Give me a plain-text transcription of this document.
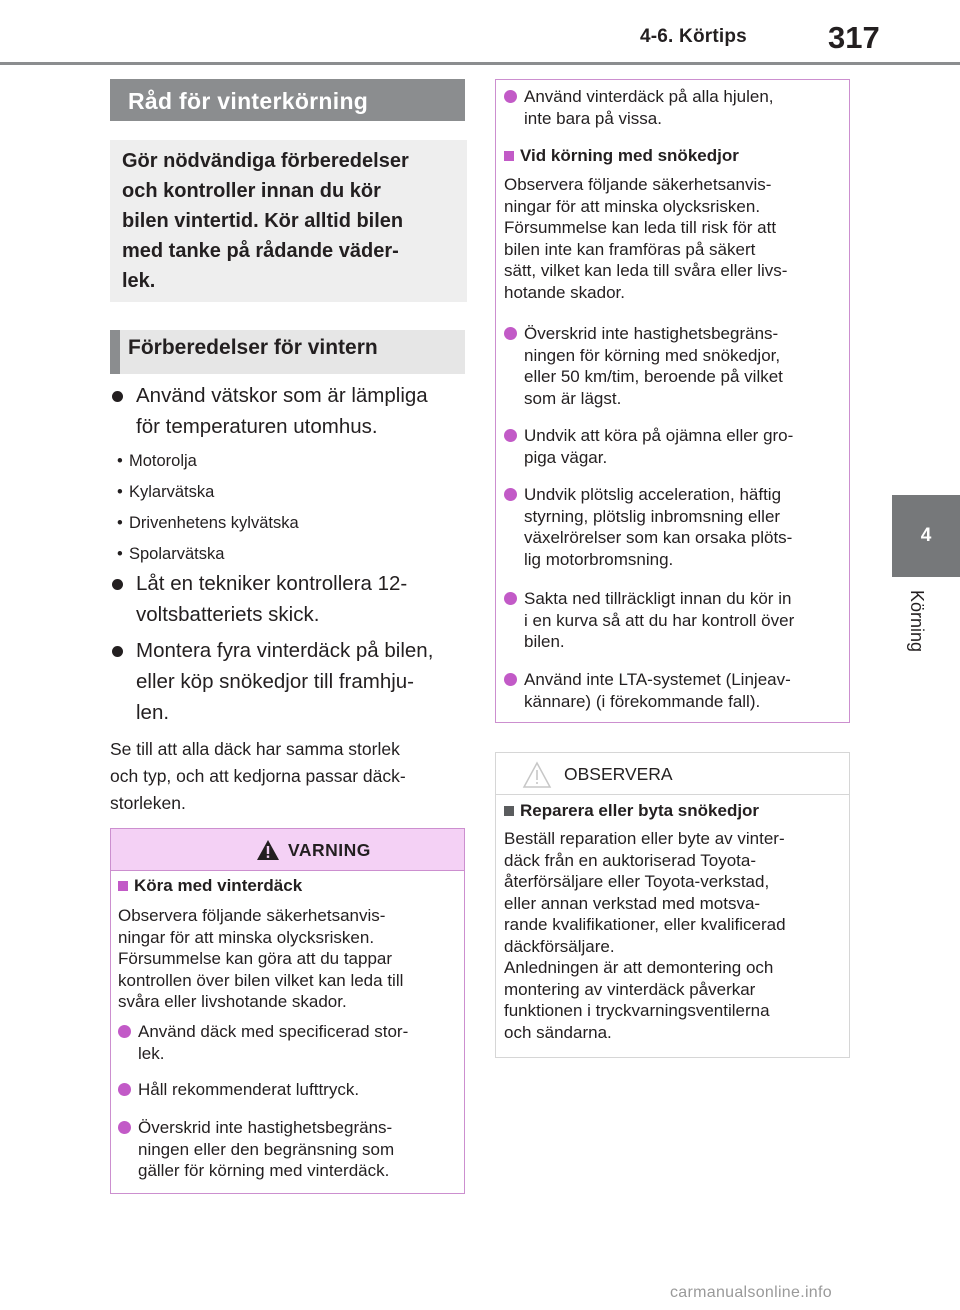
4-6. Körtips	317
4
Körning
Råd för vinterkörning
Gör nödvändiga förberedelser
och kontroller innan du kör
bilen vintertid. Kör alltid bilen
med tanke på rådande väder-
lek.
Förberedelser för vintern
Använd vätskor som är lämpliga
för temperaturen utomhus.
• Motorolja
• Kylarvätska
• Drivenhetens kylvätska
• Spolarvätska
Låt en tekniker kontrollera 12-
voltsbatteriets skick.
Montera fyra vinterdäck på bilen,
eller köp snökedjor till framhju-
len.
Se till att alla däck har samma storlek
och typ, och att kedjorna passar däck-
storleken.
VARNING
Köra med vinterdäck
Observera följande säkerhetsanvis-
ningar för att minska olycksrisken.
Försummelse kan göra att du tappar
kontrollen över bilen vilket kan leda till
svåra eller livshotande skador.
Använd däck med specificerad stor-
lek.
Håll rekommenderat lufttryck.
Överskrid inte hastighetsbegräns-
ningen eller den begränsning som
gäller för körning med vinterdäck.
Använd vinterdäck på alla hjulen,
inte bara på vissa.
Vid körning med snökedjor
Observera följande säkerhetsanvis-
ningar för att minska olycksrisken.
Försummelse kan leda till risk för att
bilen inte kan framföras på säkert
sätt, vilket kan leda till svåra eller livs-
hotande skador.
Överskrid inte hastighetsbegräns-
ningen för körning med snökedjor,
eller 50 km/tim, beroende på vilket
som är lägst.
Undvik att köra på ojämna eller gro-
piga vägar.
Undvik plötslig acceleration, häftig
styrning, plötslig inbromsning eller
växelrörelser som kan orsaka plöts-
lig motorbromsning.
Sakta ned tillräckligt innan du kör in
i en kurva så att du har kontroll över
bilen.
Använd inte LTA-systemet (Linjeav-
kännare) (i förekommande fall).
OBSERVERA
Reparera eller byta snökedjor
Beställ reparation eller byte av vinter-
däck från en auktoriserad Toyota-
återförsäljare eller Toyota-verkstad,
eller annan verkstad med motsva-
rande kvalifikationer, eller kvalificerad
däckförsäljare.
Anledningen är att demontering och
montering av vinterdäck påverkar
funktionen i tryckvarningsventilerna
och sändarna.
carmanualsonline.info
